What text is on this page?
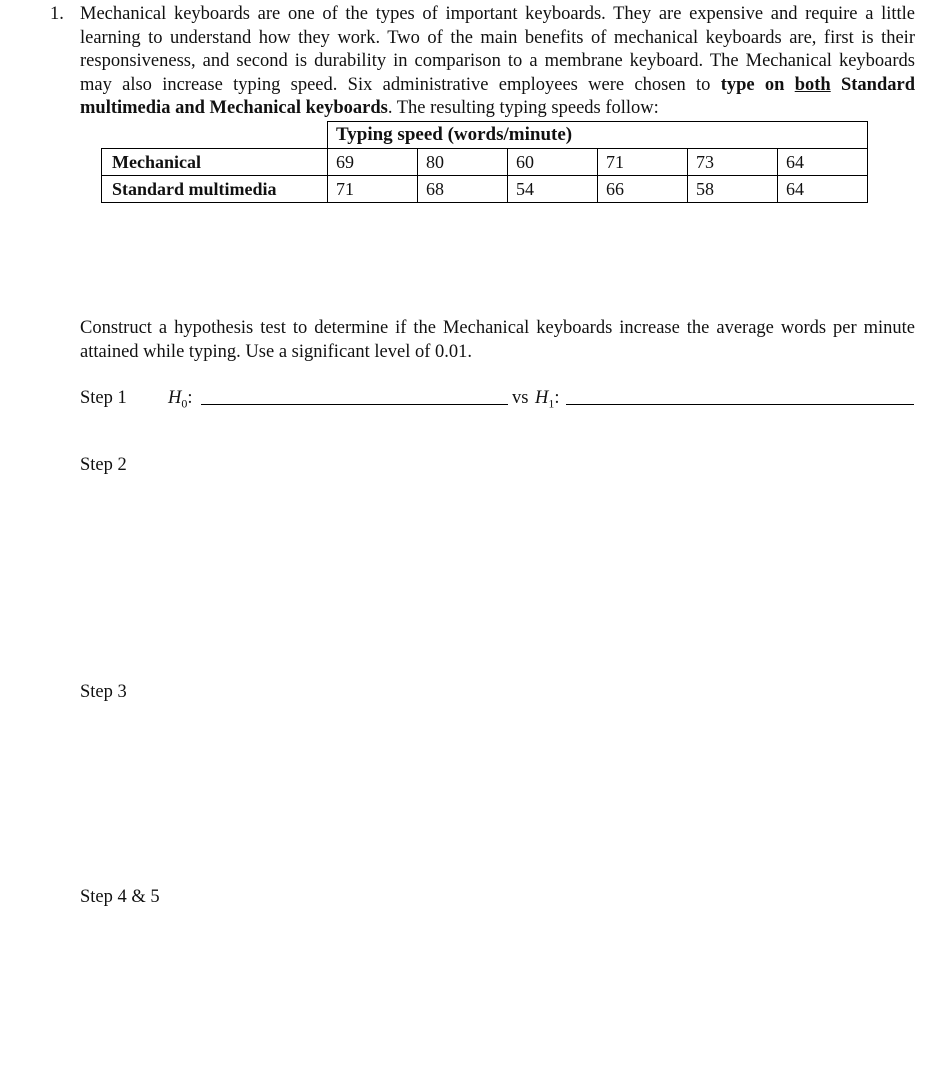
1. Mechanical keyboards are one of the types of important keyboards. They are expensive and require a little learning to understand how they work. Two of the main benefits of mechanical keyboards are, first is their responsiveness, and second is durability in comparison to a membrane keyboard. The Mechanical keyboards may also increase typing speed. Six administrative employees were chosen to type on both Standard multimedia and Mechanical keyboards. The resulting typing speeds follow:
	Typing speed (words/minute)					
Mechanical	69	80	60	71	73	64
Standard multimedia	71	68	54	66	58	64
Construct a hypothesis test to determine if the Mechanical keyboards increase the average words per minute attained while typing. Use a significant level of 0.01.
Step 1 $H_0$:	vs $H_1$:
Step 2
Step 3
Step 4 & 5
